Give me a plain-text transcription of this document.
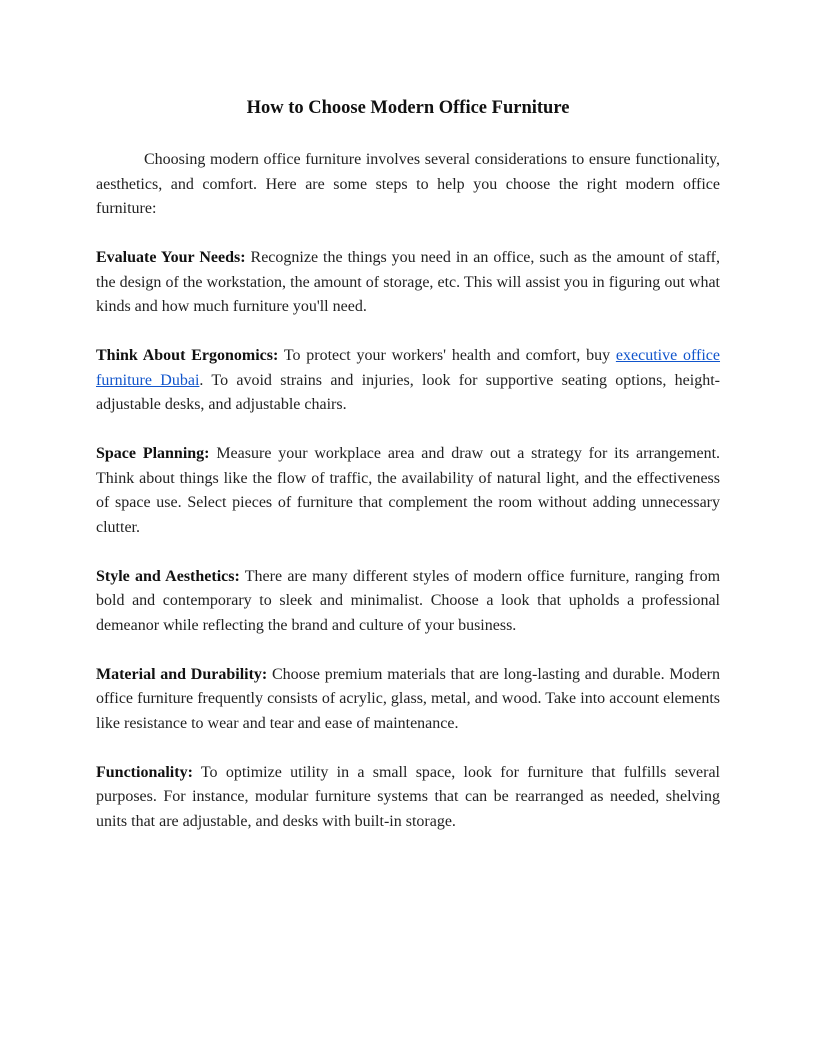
How to Choose Modern Office Furniture

Choosing modern office furniture involves several considerations to ensure functionality, aesthetics, and comfort. Here are some steps to help you choose the right modern office furniture:

Evaluate Your Needs: Recognize the things you need in an office, such as the amount of staff, the design of the workstation, the amount of storage, etc. This will assist you in figuring out what kinds and how much furniture you'll need.

Think About Ergonomics: To protect your workers' health and comfort, buy executive office furniture Dubai. To avoid strains and injuries, look for supportive seating options, height-adjustable desks, and adjustable chairs.

Space Planning: Measure your workplace area and draw out a strategy for its arrangement. Think about things like the flow of traffic, the availability of natural light, and the effectiveness of space use. Select pieces of furniture that complement the room without adding unnecessary clutter.

Style and Aesthetics: There are many different styles of modern office furniture, ranging from bold and contemporary to sleek and minimalist. Choose a look that upholds a professional demeanor while reflecting the brand and culture of your business.

Material and Durability: Choose premium materials that are long-lasting and durable. Modern office furniture frequently consists of acrylic, glass, metal, and wood. Take into account elements like resistance to wear and tear and ease of maintenance.

Functionality: To optimize utility in a small space, look for furniture that fulfills several purposes. For instance, modular furniture systems that can be rearranged as needed, shelving units that are adjustable, and desks with built-in storage.
